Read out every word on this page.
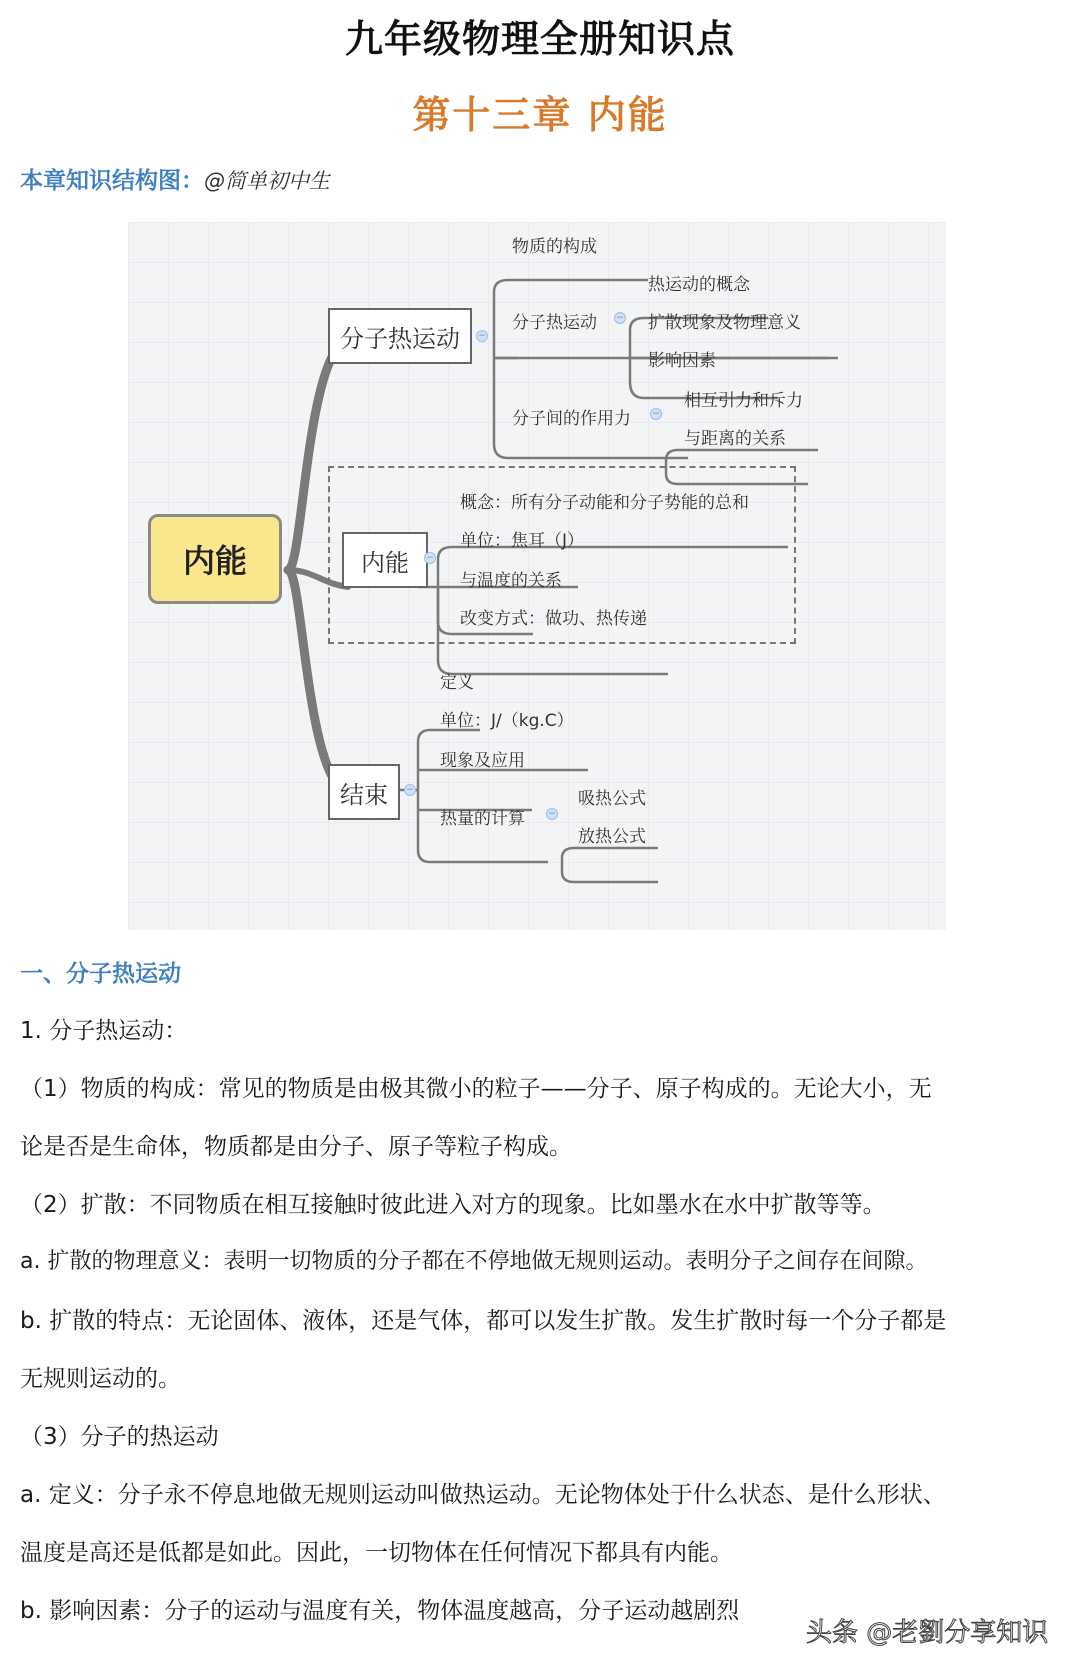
九年级物理全册知识点
第十三章 内能
本章知识结构图：@简单初中生
内能
分子热运动	−
物质的构成
分子热运动 −
热运动的概念
扩散现象及物理意义
影响因素
分子间的作用力 −
相互引力和斥力
与距离的关系
内能	−
概念：所有分子动能和分子势能的总和
单位：焦耳（J）
与温度的关系
改变方式：做功、热传递
结束	−
定义
单位：J/（kg.C）
现象及应用
热量的计算	−
吸热公式
放热公式
一、分子热运动
1. 分子热运动：
（1）物质的构成：常见的物质是由极其微小的粒子——分子、原子构成的。无论大小，无
论是否是生命体，物质都是由分子、原子等粒子构成。
（2）扩散：不同物质在相互接触时彼此进入对方的现象。比如墨水在水中扩散等等。
a. 扩散的物理意义：表明一切物质的分子都在不停地做无规则运动。表明分子之间存在间隙。
b. 扩散的特点：无论固体、液体，还是气体，都可以发生扩散。发生扩散时每一个分子都是
无规则运动的。
（3）分子的热运动
a. 定义：分子永不停息地做无规则运动叫做热运动。无论物体处于什么状态、是什么形状、
温度是高还是低都是如此。因此，一切物体在任何情况下都具有内能。
b. 影响因素：分子的运动与温度有关，物体温度越高，分子运动越剧烈
头条 @老劉分享知识
